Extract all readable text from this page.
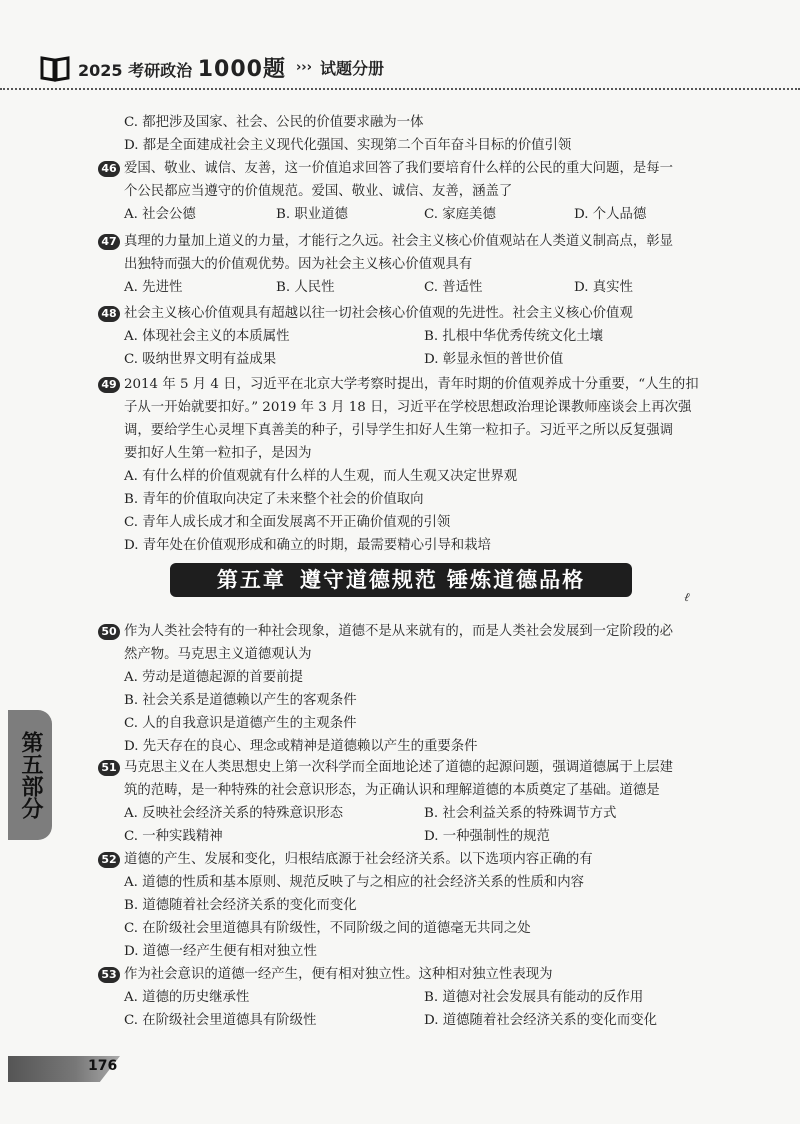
2025 考研政治 1000题 ››› 试题分册
C. 都把涉及国家、社会、公民的价值要求融为一体
D. 都是全面建成社会主义现代化强国、实现第二个百年奋斗目标的价值引领
46 爱国、敬业、诚信、友善，这一价值追求回答了我们要培育什么样的公民的重大问题，是每一
个公民都应当遵守的价值规范。爱国、敬业、诚信、友善，涵盖了
A. 社会公德	B. 职业道德	C. 家庭美德	D. 个人品德
47 真理的力量加上道义的力量，才能行之久远。社会主义核心价值观站在人类道义制高点，彰显
出独特而强大的价值观优势。因为社会主义核心价值观具有
A. 先进性	B. 人民性	C. 普适性	D. 真实性
48 社会主义核心价值观具有超越以往一切社会核心价值观的先进性。社会主义核心价值观
A. 体现社会主义的本质属性	B. 扎根中华优秀传统文化土壤
C. 吸纳世界文明有益成果	D. 彰显永恒的普世价值
49 2014 年 5 月 4 日，习近平在北京大学考察时提出，青年时期的价值观养成十分重要，“人生的扣
子从一开始就要扣好。” 2019 年 3 月 18 日，习近平在学校思想政治理论课教师座谈会上再次强
调，要给学生心灵埋下真善美的种子，引导学生扣好人生第一粒扣子。习近平之所以反复强调
要扣好人生第一粒扣子，是因为
A. 有什么样的价值观就有什么样的人生观，而人生观又决定世界观
B. 青年的价值取向决定了未来整个社会的价值取向
C. 青年人成长成才和全面发展离不开正确价值观的引领
D. 青年处在价值观形成和确立的时期，最需要精心引导和栽培
第五章 遵守道德规范 锤炼道德品格
ℓ
50 作为人类社会特有的一种社会现象，道德不是从来就有的，而是人类社会发展到一定阶段的必
然产物。马克思主义道德观认为
A. 劳动是道德起源的首要前提
B. 社会关系是道德赖以产生的客观条件
C. 人的自我意识是道德产生的主观条件
D. 先天存在的良心、理念或精神是道德赖以产生的重要条件
51 马克思主义在人类思想史上第一次科学而全面地论述了道德的起源问题，强调道德属于上层建
筑的范畴，是一种特殊的社会意识形态，为正确认识和理解道德的本质奠定了基础。道德是
A. 反映社会经济关系的特殊意识形态	B. 社会利益关系的特殊调节方式
C. 一种实践精神	D. 一种强制性的规范
52 道德的产生、发展和变化，归根结底源于社会经济关系。以下选项内容正确的有
A. 道德的性质和基本原则、规范反映了与之相应的社会经济关系的性质和内容
B. 道德随着社会经济关系的变化而变化
C. 在阶级社会里道德具有阶级性，不同阶级之间的道德毫无共同之处
D. 道德一经产生便有相对独立性
53 作为社会意识的道德一经产生，便有相对独立性。这种相对独立性表现为
A. 道德的历史继承性	B. 道德对社会发展具有能动的反作用
C. 在阶级社会里道德具有阶级性	D. 道德随着社会经济关系的变化而变化
第五部分
176
